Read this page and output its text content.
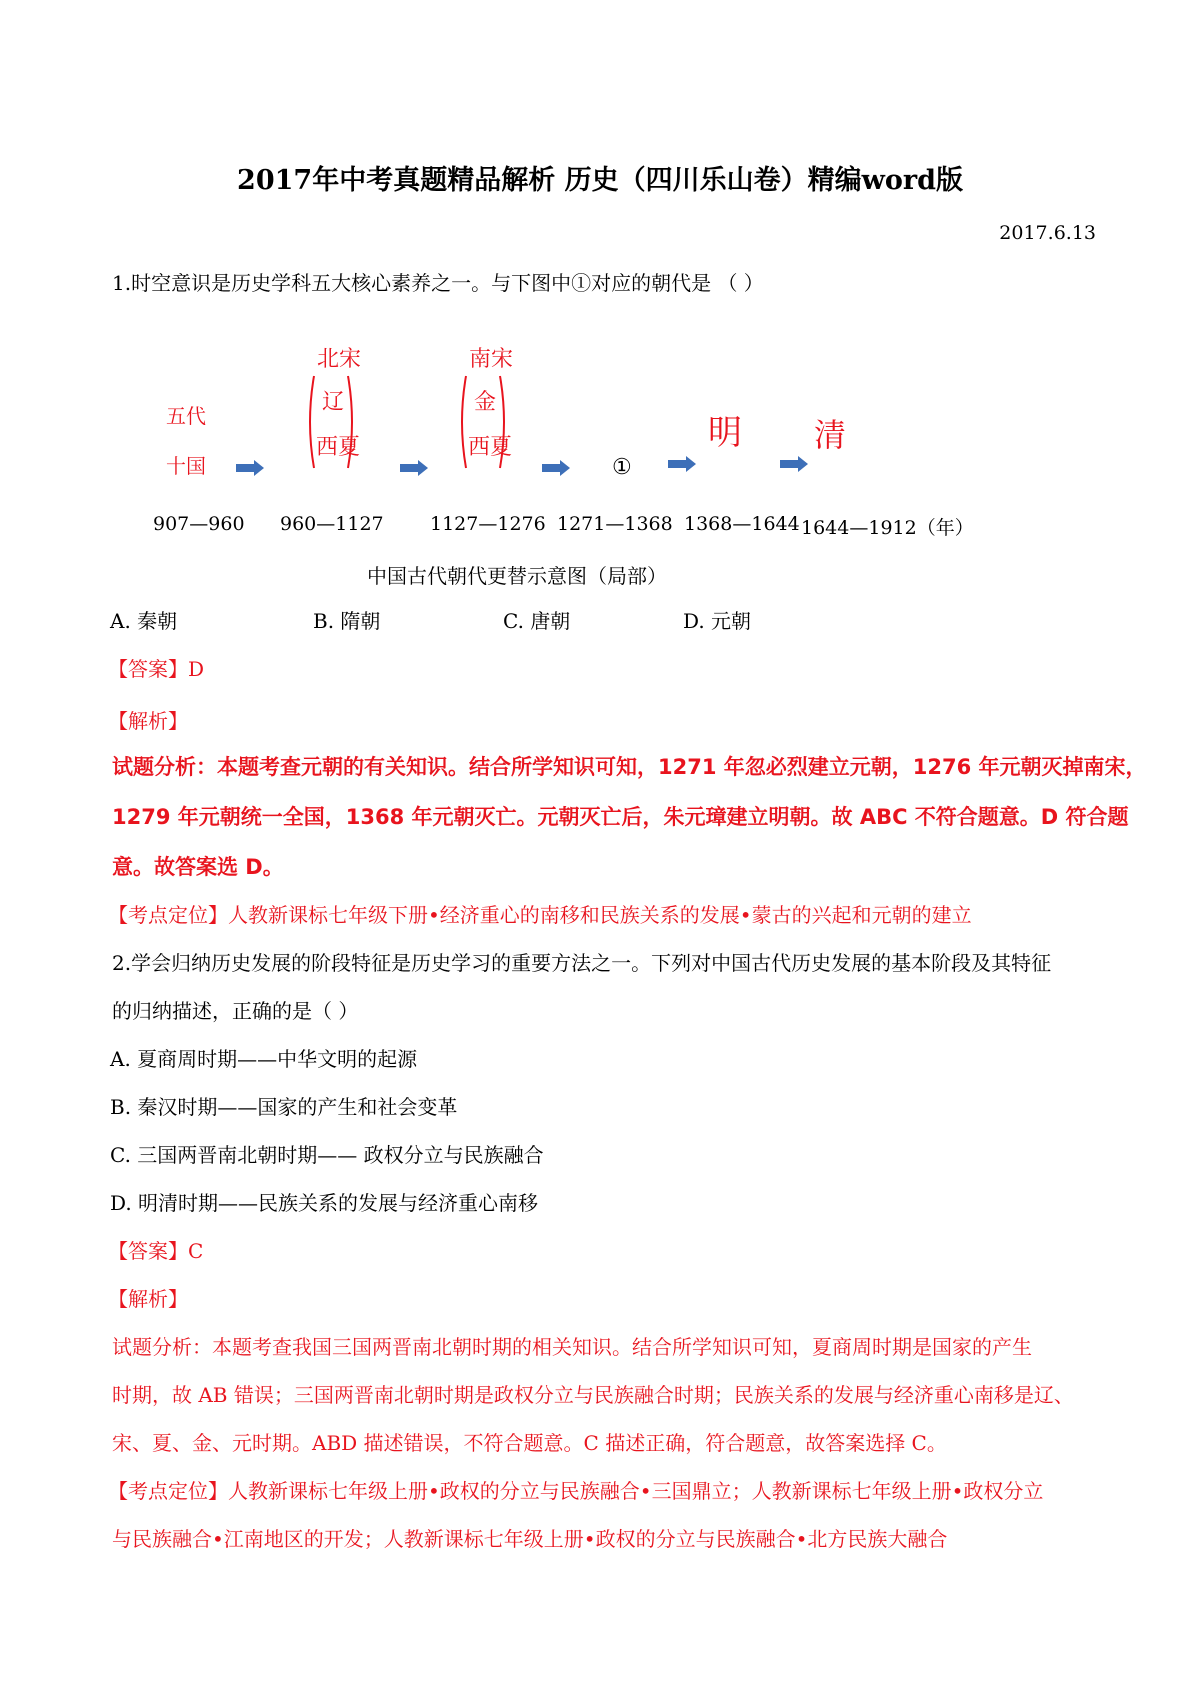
2017年中考真题精品解析 历史（四川乐山卷）精编word版
2017.6.13
1.时空意识是历史学科五大核心素养之一。与下图中①对应的朝代是 （ ）
五代
十国
北宋
辽
西夏
南宋
金
西夏
①
明 清
907—960 960—1127 1127—1276 1271—1368 1368—1644 1644—1912（年）
中国古代朝代更替示意图（局部）
A. 秦朝	B. 隋朝	C. 唐朝	D. 元朝
【答案】D
【解析】
试题分析：本题考查元朝的有关知识。结合所学知识可知，1271 年忽必烈建立元朝，1276 年元朝灭掉南宋，
1279 年元朝统一全国，1368 年元朝灭亡。元朝灭亡后，朱元璋建立明朝。故 ABC 不符合题意。D 符合题
意。故答案选 D。
【考点定位】人教新课标七年级下册•经济重心的南移和民族关系的发展•蒙古的兴起和元朝的建立
2.学会归纳历史发展的阶段特征是历史学习的重要方法之一。下列对中国古代历史发展的基本阶段及其特征
的归纳描述，正确的是（ ）
A. 夏商周时期——中华文明的起源
B. 秦汉时期——国家的产生和社会变革
C. 三国两晋南北朝时期—— 政权分立与民族融合
D. 明清时期——民族关系的发展与经济重心南移
【答案】C
【解析】
试题分析：本题考查我国三国两晋南北朝时期的相关知识。结合所学知识可知，夏商周时期是国家的产生
时期，故 AB 错误；三国两晋南北朝时期是政权分立与民族融合时期；民族关系的发展与经济重心南移是辽、
宋、夏、金、元时期。ABD 描述错误，不符合题意。C 描述正确，符合题意，故答案选择 C。
【考点定位】人教新课标七年级上册•政权的分立与民族融合•三国鼎立；人教新课标七年级上册•政权分立
与民族融合•江南地区的开发；人教新课标七年级上册•政权的分立与民族融合•北方民族大融合
